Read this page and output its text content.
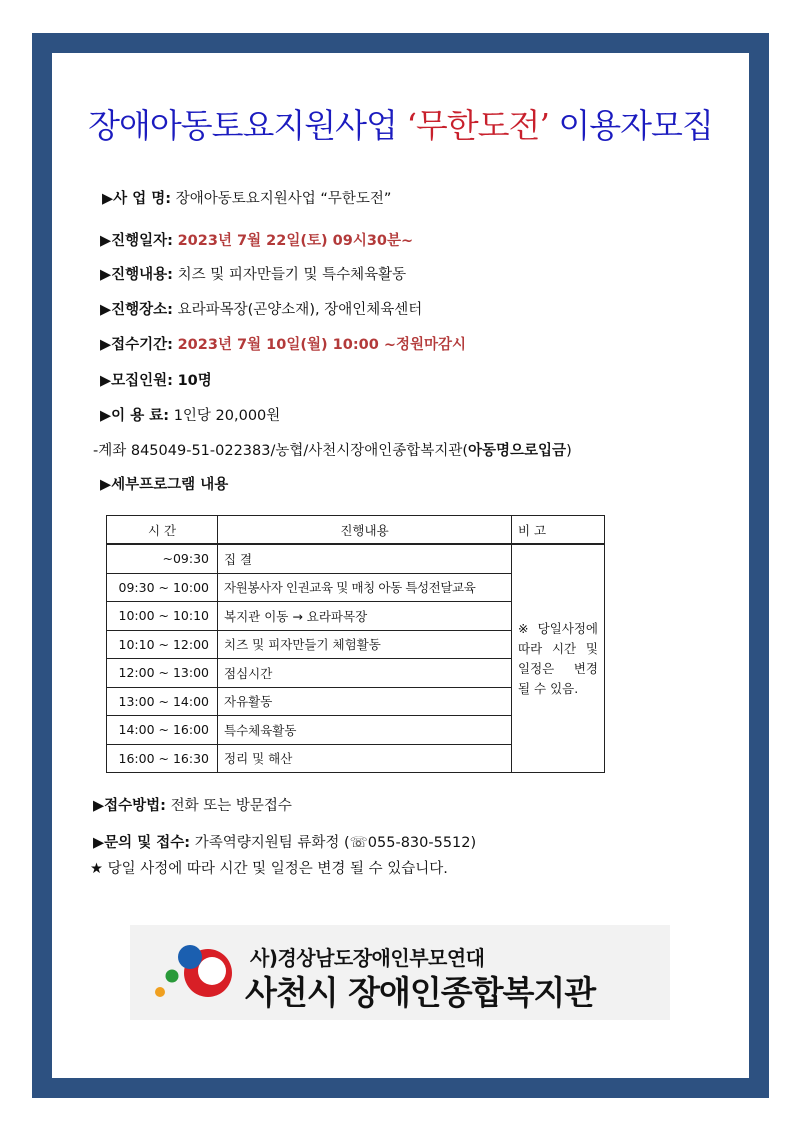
장애아동토요지원사업 ‘무한도전’ 이용자모집
▶사 업 명: 장애아동토요지원사업 “무한도전”
▶진행일자: 2023년 7월 22일(토) 09시30분~
▶진행내용: 치즈 및 피자만들기 및 특수체육활동
▶진행장소: 요라파목장(곤양소재), 장애인체육센터
▶접수기간: 2023년 7월 10일(월) 10:00 ~정원마감시
▶모집인원: 10명
▶이 용 료: 1인당 20,000원
-계좌 845049-51-022383/농협/사천시장애인종합복지관(아동명으로입금)
▶세부프로그램 내용
시 간	진행내용	비 고
~09:30	집 결	※당일사정에 따라 시간 및 일정은 변경 될 수 있음.
09:30 ~ 10:00	자원봉사자 인권교육 및 매칭 아동 특성전달교육	
10:00 ~ 10:10	복지관 이동 → 요라파목장	
10:10 ~ 12:00	치즈 및 피자만들기 체험활동	
12:00 ~ 13:00	점심시간	
13:00 ~ 14:00	자유활동	
14:00 ~ 16:00	특수체육활동	
16:00 ~ 16:30	정리 및 해산	
▶접수방법: 전화 또는 방문접수
▶문의 및 접수: 가족역량지원팀 류화정 (☏055-830-5512)
★ 당일 사정에 따라 시간 및 일정은 변경 될 수 있습니다.
사)경상남도장애인부모연대
사천시 장애인종합복지관
